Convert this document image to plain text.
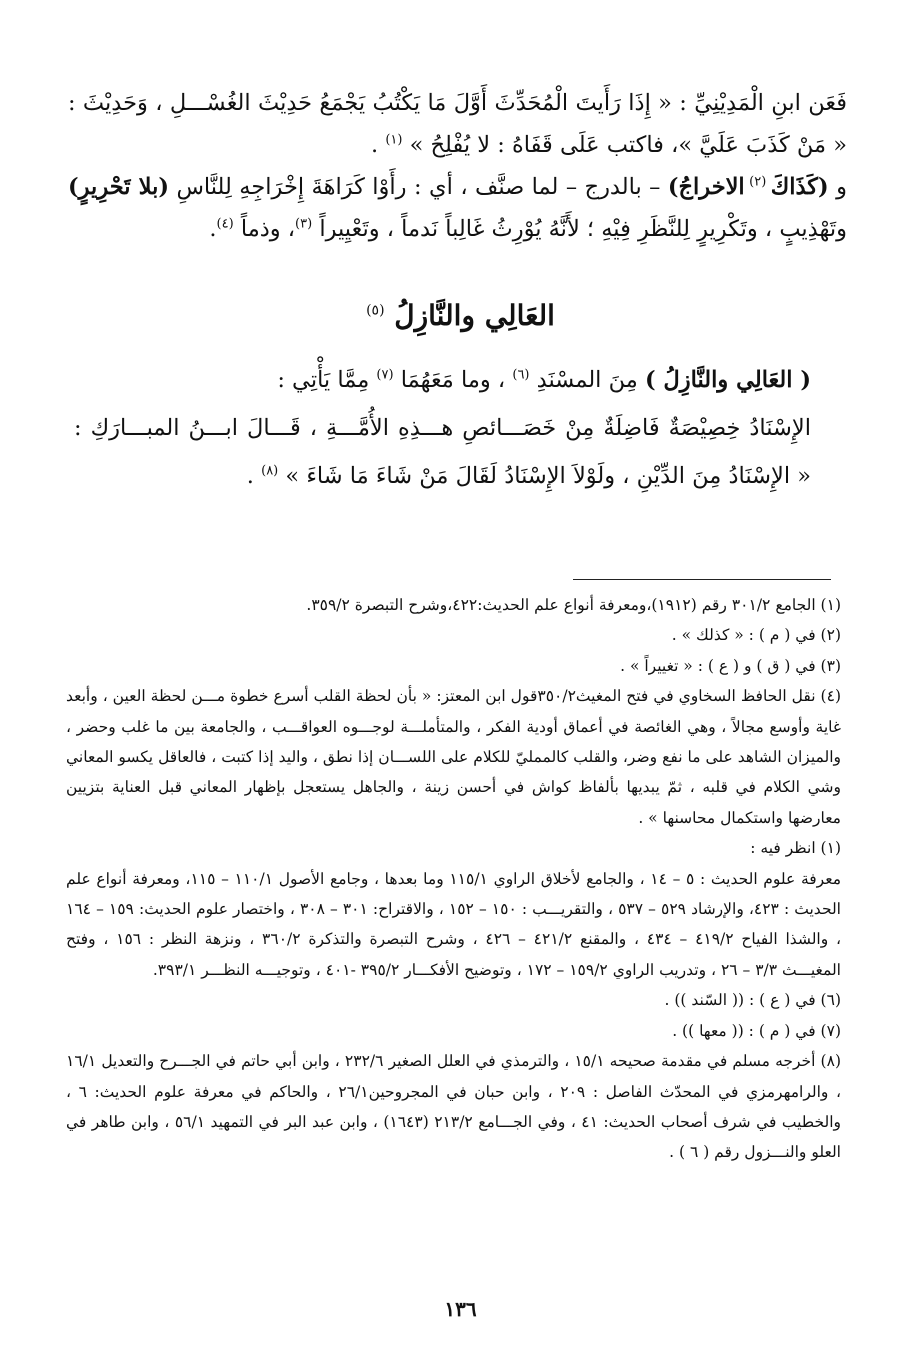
فَعَن ابنِ الْمَدِيْنِيِّ : « إِذَا رَأَيتَ الْمُحَدِّثَ أَوَّلَ مَا يَكْتُبُ يَجْمَعُ حَدِيْثَ الغُسْـــلِ ، وَحَدِيْثَ : « مَنْ كَذَبَ عَلَيَّ »، فاكتب عَلَى قَفَاهُ : لا يُفْلِحُ » $^{(١)}$ .

و (كَذَاكَ $^{(٢)}$ الاخراجُ) – بالدرج – لما صنَّف ، أي : رأَوْا كَرَاهَةَ إِخْرَاجِهِ لِلنَّاسِ (بلا تَحْرِيرٍ) وتَهْذِيبٍ ، وتَكْرِيرٍ لِلنَّظَرِ فِيْهِ ؛ لأَنَّهُ يُوْرِثُ غَالِباً نَدماً ، وتَعْيِيراً $^{(٣)}$، وذماً $^{(٤)}$.

العَالِي والنَّازِلُ $^{(٥)}$

( العَالِي والنَّازِلُ ) مِنَ المسْنَدِ $^{(٦)}$ ، وما مَعَهُمَا $^{(٧)}$ مِمَّا يَأْتِي :

الإِسْنَادُ خِصِيْصَةٌ فَاضِلَةٌ مِنْ خَصَـــائصِ هـــذِهِ الأُمَّـــةِ ، قَـــالَ ابـــنُ المبـــارَكِ : « الإِسْنَادُ مِنَ الدِّيْنِ ، ولَوْلاَ الإِسْنَادُ لَقَالَ مَنْ شَاءَ مَا شَاءَ » $^{(٨)}$ .

(١) الجامع ٣٠١/٢ رقم (١٩١٢)،ومعرفة أنواع علم الحديث:٤٢٢،وشرح التبصرة ٣٥٩/٢.

(٢) في ( م ) : « كذلك » .

(٣) في ( ق ) و ( ع ) : « تغييراً » .

(٤) نقل الحافظ السخاوي في فتح المغيث٣٥٠/٢قول ابن المعتز: « بأن لحظة القلب أسرع خطوة مـــن لحظة العين ، وأبعد غاية وأوسع مجالاً ، وهي الغائصة في أعماق أودية الفكر ، والمتأملـــة لوجـــوه العواقـــب ، والجامعة بين ما غلب وحضر ، والميزان الشاهد على ما نفع وضر، والقلب كالممليّ للكلام على اللســـان إذا نطق ، واليد إذا كتبت ، فالعاقل يكسو المعاني وشي الكلام في قلبه ، ثمّ يبديها بألفاظ كواش في أحسن زينة ، والجاهل يستعجل بإظهار المعاني قبل العناية بتزيين معارضها واستكمال محاسنها » .

(١) انظر فيه :

معرفة علوم الحديث : ٥ – ١٤ ، والجامع لأخلاق الراوي ١١٥/١ وما بعدها ، وجامع الأصول ١١٠/١ – ١١٥، ومعرفة أنواع علم الحديث : ٤٢٣، والإرشاد ٥٢٩ – ٥٣٧ ، والتقريـــب : ١٥٠ – ١٥٢ ، والاقتراح: ٣٠١ – ٣٠٨ ، واختصار علوم الحديث: ١٥٩ – ١٦٤ ، والشذا الفياح ٤١٩/٢ – ٤٣٤ ، والمقنع ٤٢١/٢ – ٤٢٦ ، وشرح التبصرة والتذكرة ٣٦٠/٢ ، ونزهة النظر : ١٥٦ ، وفتح المغيـــث ٣/٣ – ٢٦ ، وتدريب الراوي ١٥٩/٢ – ١٧٢ ، وتوضيح الأفكـــار ٣٩٥/٢ -٤٠١ ، وتوجيـــه النظـــر ٣٩٣/١.

(٦) في ( ع ) : (( السّند )) .

(٧) في ( م ) : (( معها )) .

(٨) أخرجه مسلم في مقدمة صحيحه ١٥/١ ، والترمذي في العلل الصغير ٢٣٢/٦ ، وابن أبي حاتم في الجـــرح والتعديل ١٦/١ ، والرامهرمزي في المحدّث الفاصل : ٢٠٩ ، وابن حبان في المجروحين٢٦/١ ، والحاكم في معرفة علوم الحديث: ٦ ، والخطيب في شرف أصحاب الحديث: ٤١ ، وفي الجـــامع ٢١٣/٢ (١٦٤٣) ، وابن عبد البر في التمهيد ٥٦/١ ، وابن طاهر في العلو والنـــزول رقم ( ٦ ) .

١٣٦
